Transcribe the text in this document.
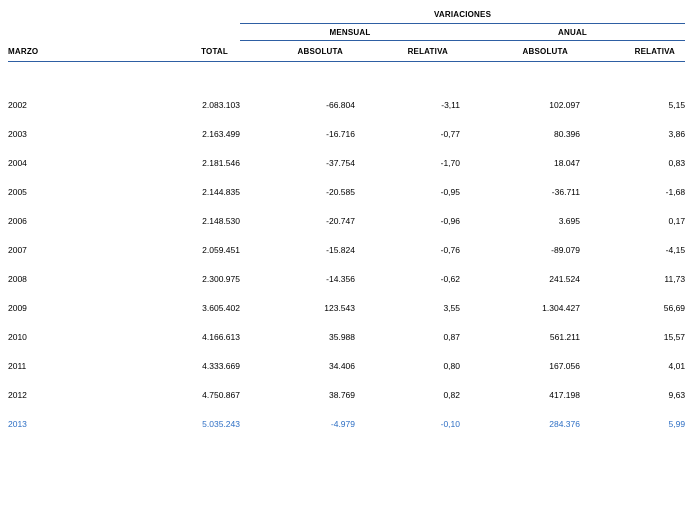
		VARIACIONES			
		MENSUAL		ANUAL	
MARZO	TOTAL	ABSOLUTA	RELATIVA	ABSOLUTA	RELATIVA

2002	2.083.103	-66.804	-3,11	102.097	5,15
2003	2.163.499	-16.716	-0,77	80.396	3,86
2004	2.181.546	-37.754	-1,70	18.047	0,83
2005	2.144.835	-20.585	-0,95	-36.711	-1,68
2006	2.148.530	-20.747	-0,96	3.695	0,17
2007	2.059.451	-15.824	-0,76	-89.079	-4,15
2008	2.300.975	-14.356	-0,62	241.524	11,73
2009	3.605.402	123.543	3,55	1.304.427	56,69
2010	4.166.613	35.988	0,87	561.211	15,57
2011	4.333.669	34.406	0,80	167.056	4,01
2012	4.750.867	38.769	0,82	417.198	9,63
2013	5.035.243	-4.979	-0,10	284.376	5,99
